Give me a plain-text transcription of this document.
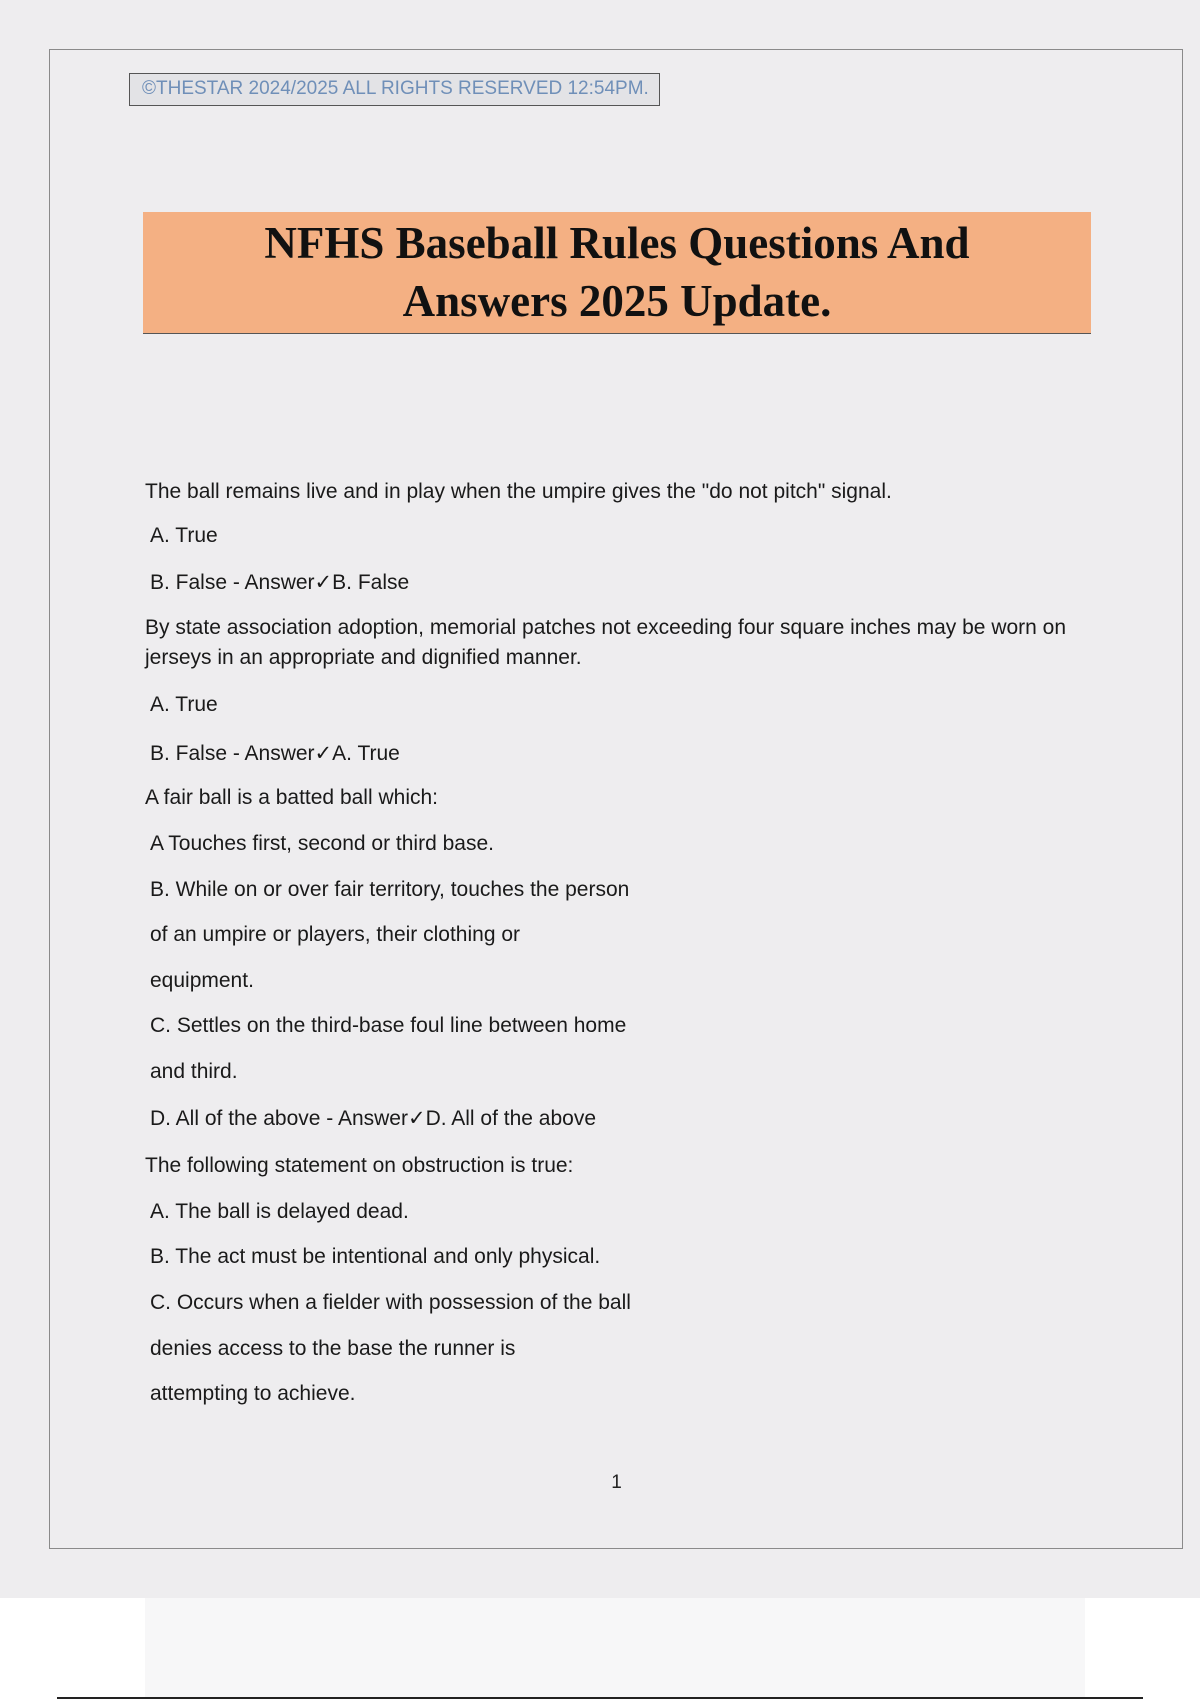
©THESTAR 2024/2025 ALL RIGHTS RESERVED 12:54PM.
NFHS Baseball Rules Questions And
Answers 2025 Update.
The ball remains live and in play when the umpire gives the "do not pitch" signal.
A. True
B. False - Answer✓B. False
By state association adoption, memorial patches not exceeding four square inches may be worn on jerseys in an appropriate and dignified manner.
A. True
B. False - Answer✓A. True
A fair ball is a batted ball which:
A Touches first, second or third base.
B. While on or over fair territory, touches the person
of an umpire or players, their clothing or
equipment.
C. Settles on the third-base foul line between home
and third.
D. All of the above - Answer✓D. All of the above
The following statement on obstruction is true:
A. The ball is delayed dead.
B. The act must be intentional and only physical.
C. Occurs when a fielder with possession of the ball
denies access to the base the runner is
attempting to achieve.
1
